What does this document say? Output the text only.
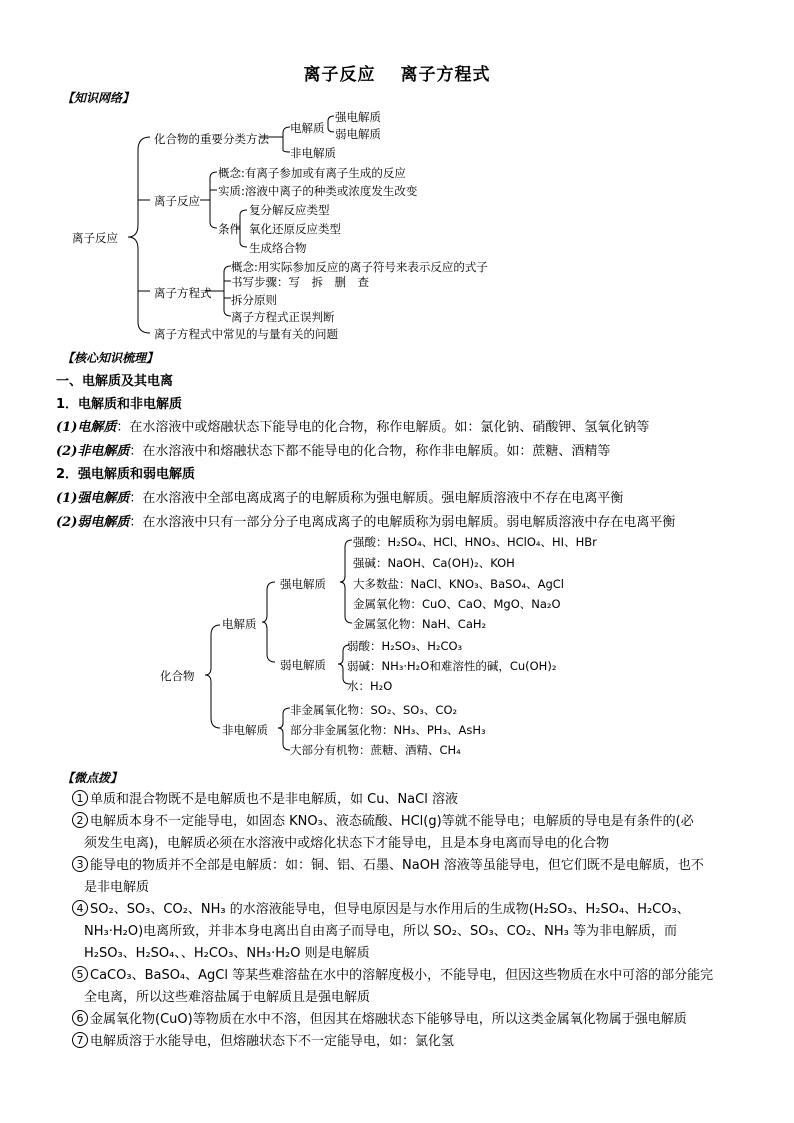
离子反应　 离子方程式
【知识网络】
离子反应
化合物的重要分类方法
电解质
强电解质
弱电解质
非电解质
离子反应
概念:有离子参加或有离子生成的反应
实质:溶液中离子的种类或浓度发生改变
条件
复分解反应类型
氧化还原反应类型
生成络合物
离子方程式
概念:用实际参加反应的离子符号来表示反应的式子
书写步骤：写　拆　删　查
拆分原则
离子方程式正误判断
离子方程式中常见的与量有关的问题
【核心知识梳理】
一、电解质及其电离
1．电解质和非电解质
(1)电解质：在水溶液中或熔融状态下能导电的化合物，称作电解质。如：氯化钠、硝酸钾、氢氧化钠等
(2)非电解质：在水溶液中和熔融状态下都不能导电的化合物，称作非电解质。如：蔗糖、酒精等
2．强电解质和弱电解质
(1)强电解质：在水溶液中全部电离成离子的电解质称为强电解质。强电解质溶液中不存在电离平衡
(2)弱电解质：在水溶液中只有一部分分子电离成离子的电解质称为弱电解质。弱电解质溶液中存在电离平衡
化合物
电解质
强电解质
强酸：H₂SO₄、HCl、HNO₃、HClO₄、HI、HBr
强碱：NaOH、Ca(OH)₂、KOH
大多数盐：NaCl、KNO₃、BaSO₄、AgCl
金属氧化物：CuO、CaO、MgO、Na₂O
金属氢化物：NaH、CaH₂
弱电解质
弱酸：H₂SO₃、H₂CO₃
弱碱：NH₃·H₂O和难溶性的碱，Cu(OH)₂
水：H₂O
非电解质
非金属氧化物：SO₂、SO₃、CO₂
部分非金属氢化物：NH₃、PH₃、AsH₃
大部分有机物：蔗糖、酒精、CH₄
【微点拨】
1 单质和混合物既不是电解质也不是非电解质，如 Cu、NaCl 溶液
2 电解质本身不一定能导电，如固态 KNO₃、液态硫酸、HCl(g)等就不能导电；电解质的导电是有条件的(必
须发生电离)，电解质必须在水溶液中或熔化状态下才能导电，且是本身电离而导电的化合物
3 能导电的物质并不全部是电解质：如：铜、铝、石墨、NaOH 溶液等虽能导电，但它们既不是电解质，也不
是非电解质
4 SO₂、SO₃、CO₂、NH₃ 的水溶液能导电，但导电原因是与水作用后的生成物(H₂SO₃、H₂SO₄、H₂CO₃、
NH₃·H₂O)电离所致，并非本身电离出自由离子而导电，所以 SO₂、SO₃、CO₂、NH₃ 等为非电解质，而
H₂SO₃、H₂SO₄、、H₂CO₃、NH₃·H₂O 则是电解质
5 CaCO₃、BaSO₄、AgCl 等某些难溶盐在水中的溶解度极小，不能导电，但因这些物质在水中可溶的部分能完
全电离，所以这些难溶盐属于电解质且是强电解质
6 金属氧化物(CuO)等物质在水中不溶，但因其在熔融状态下能够导电，所以这类金属氧化物属于强电解质
7 电解质溶于水能导电，但熔融状态下不一定能导电，如：氯化氢
